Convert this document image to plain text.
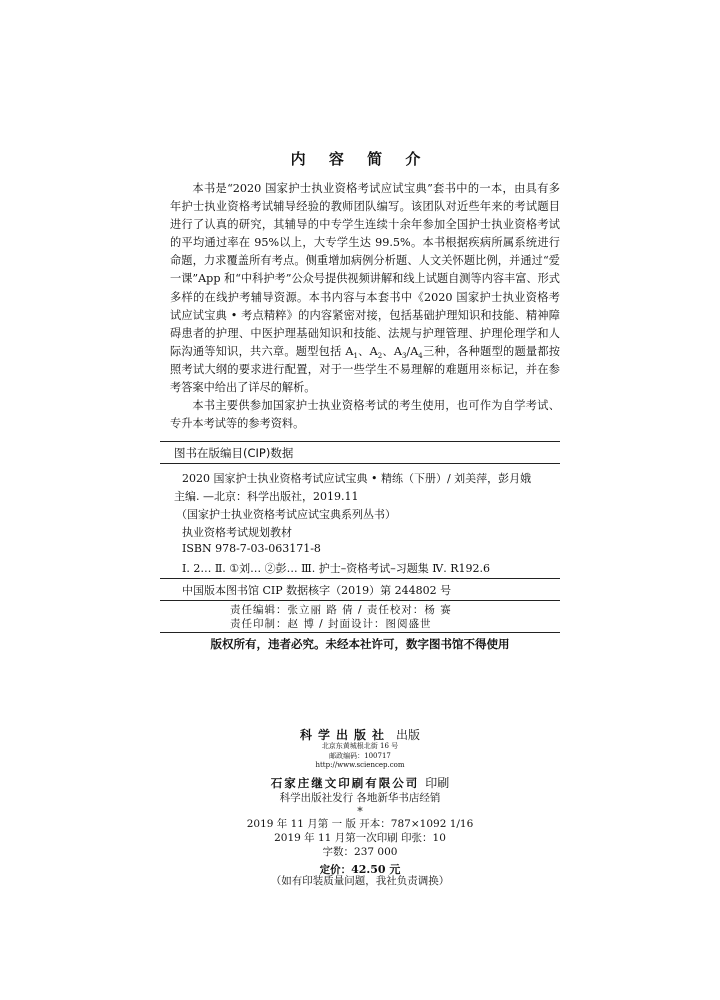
内 容 简 介

本书是“2020 国家护士执业资格考试应试宝典”套书中的一本，由具有多年护士执业资格考试辅导经验的教师团队编写。该团队对近些年来的考试题目进行了认真的研究，其辅导的中专学生连续十余年参加全国护士执业资格考试的平均通过率在 95%以上，大专学生达 99.5%。本书根据疾病所属系统进行命题，力求覆盖所有考点。侧重增加病例分析题、人文关怀题比例，并通过“爱一课”App 和“中科护考”公众号提供视频讲解和线上试题自测等内容丰富、形式多样的在线护考辅导资源。本书内容与本套书中《2020 国家护士执业资格考试应试宝典 • 考点精粹》的内容紧密对接，包括基础护理知识和技能、精神障碍患者的护理、中医护理基础知识和技能、法规与护理管理、护理伦理学和人际沟通等知识，共六章。题型包括 $A_1$、$A_2$、$A_3/A_4$三种，各种题型的题量都按照考试大纲的要求进行配置，对于一些学生不易理解的难题用※标记，并在参考答案中给出了详尽的解析。

本书主要供参加国家护士执业资格考试的考生使用，也可作为自学考试、专升本考试等的参考资料。

图书在版编目(CIP)数据
2020 国家护士执业资格考试应试宝典 • 精练（下册）/ 刘美萍，彭月娥
主编. —北京：科学出版社，2019.11
（国家护士执业资格考试应试宝典系列丛书）
执业资格考试规划教材
ISBN 978-7-03-063171-8
Ⅰ. 2… Ⅱ. ①刘… ②彭… Ⅲ. 护士–资格考试–习题集 Ⅳ. R192.6
中国版本图书馆 CIP 数据核字（2019）第 244802 号
责任编辑：张立丽 路 倩 / 责任校对：杨 赛
责任印制：赵 博 / 封面设计：图阅盛世
版权所有，违者必究。未经本社许可，数字图书馆不得使用
科学出版社 出版
北京东黄城根北街 16 号
邮政编码：100717
http://www.sciencep.com
石家庄继文印刷有限公司 印刷
科学出版社发行 各地新华书店经销
*
2019 年 11 月第 一 版 开本：787×1092 1/16
2019 年 11 月第一次印刷 印张：10
字数：237 000
定价：42.50 元
（如有印装质量问题，我社负责调换）
